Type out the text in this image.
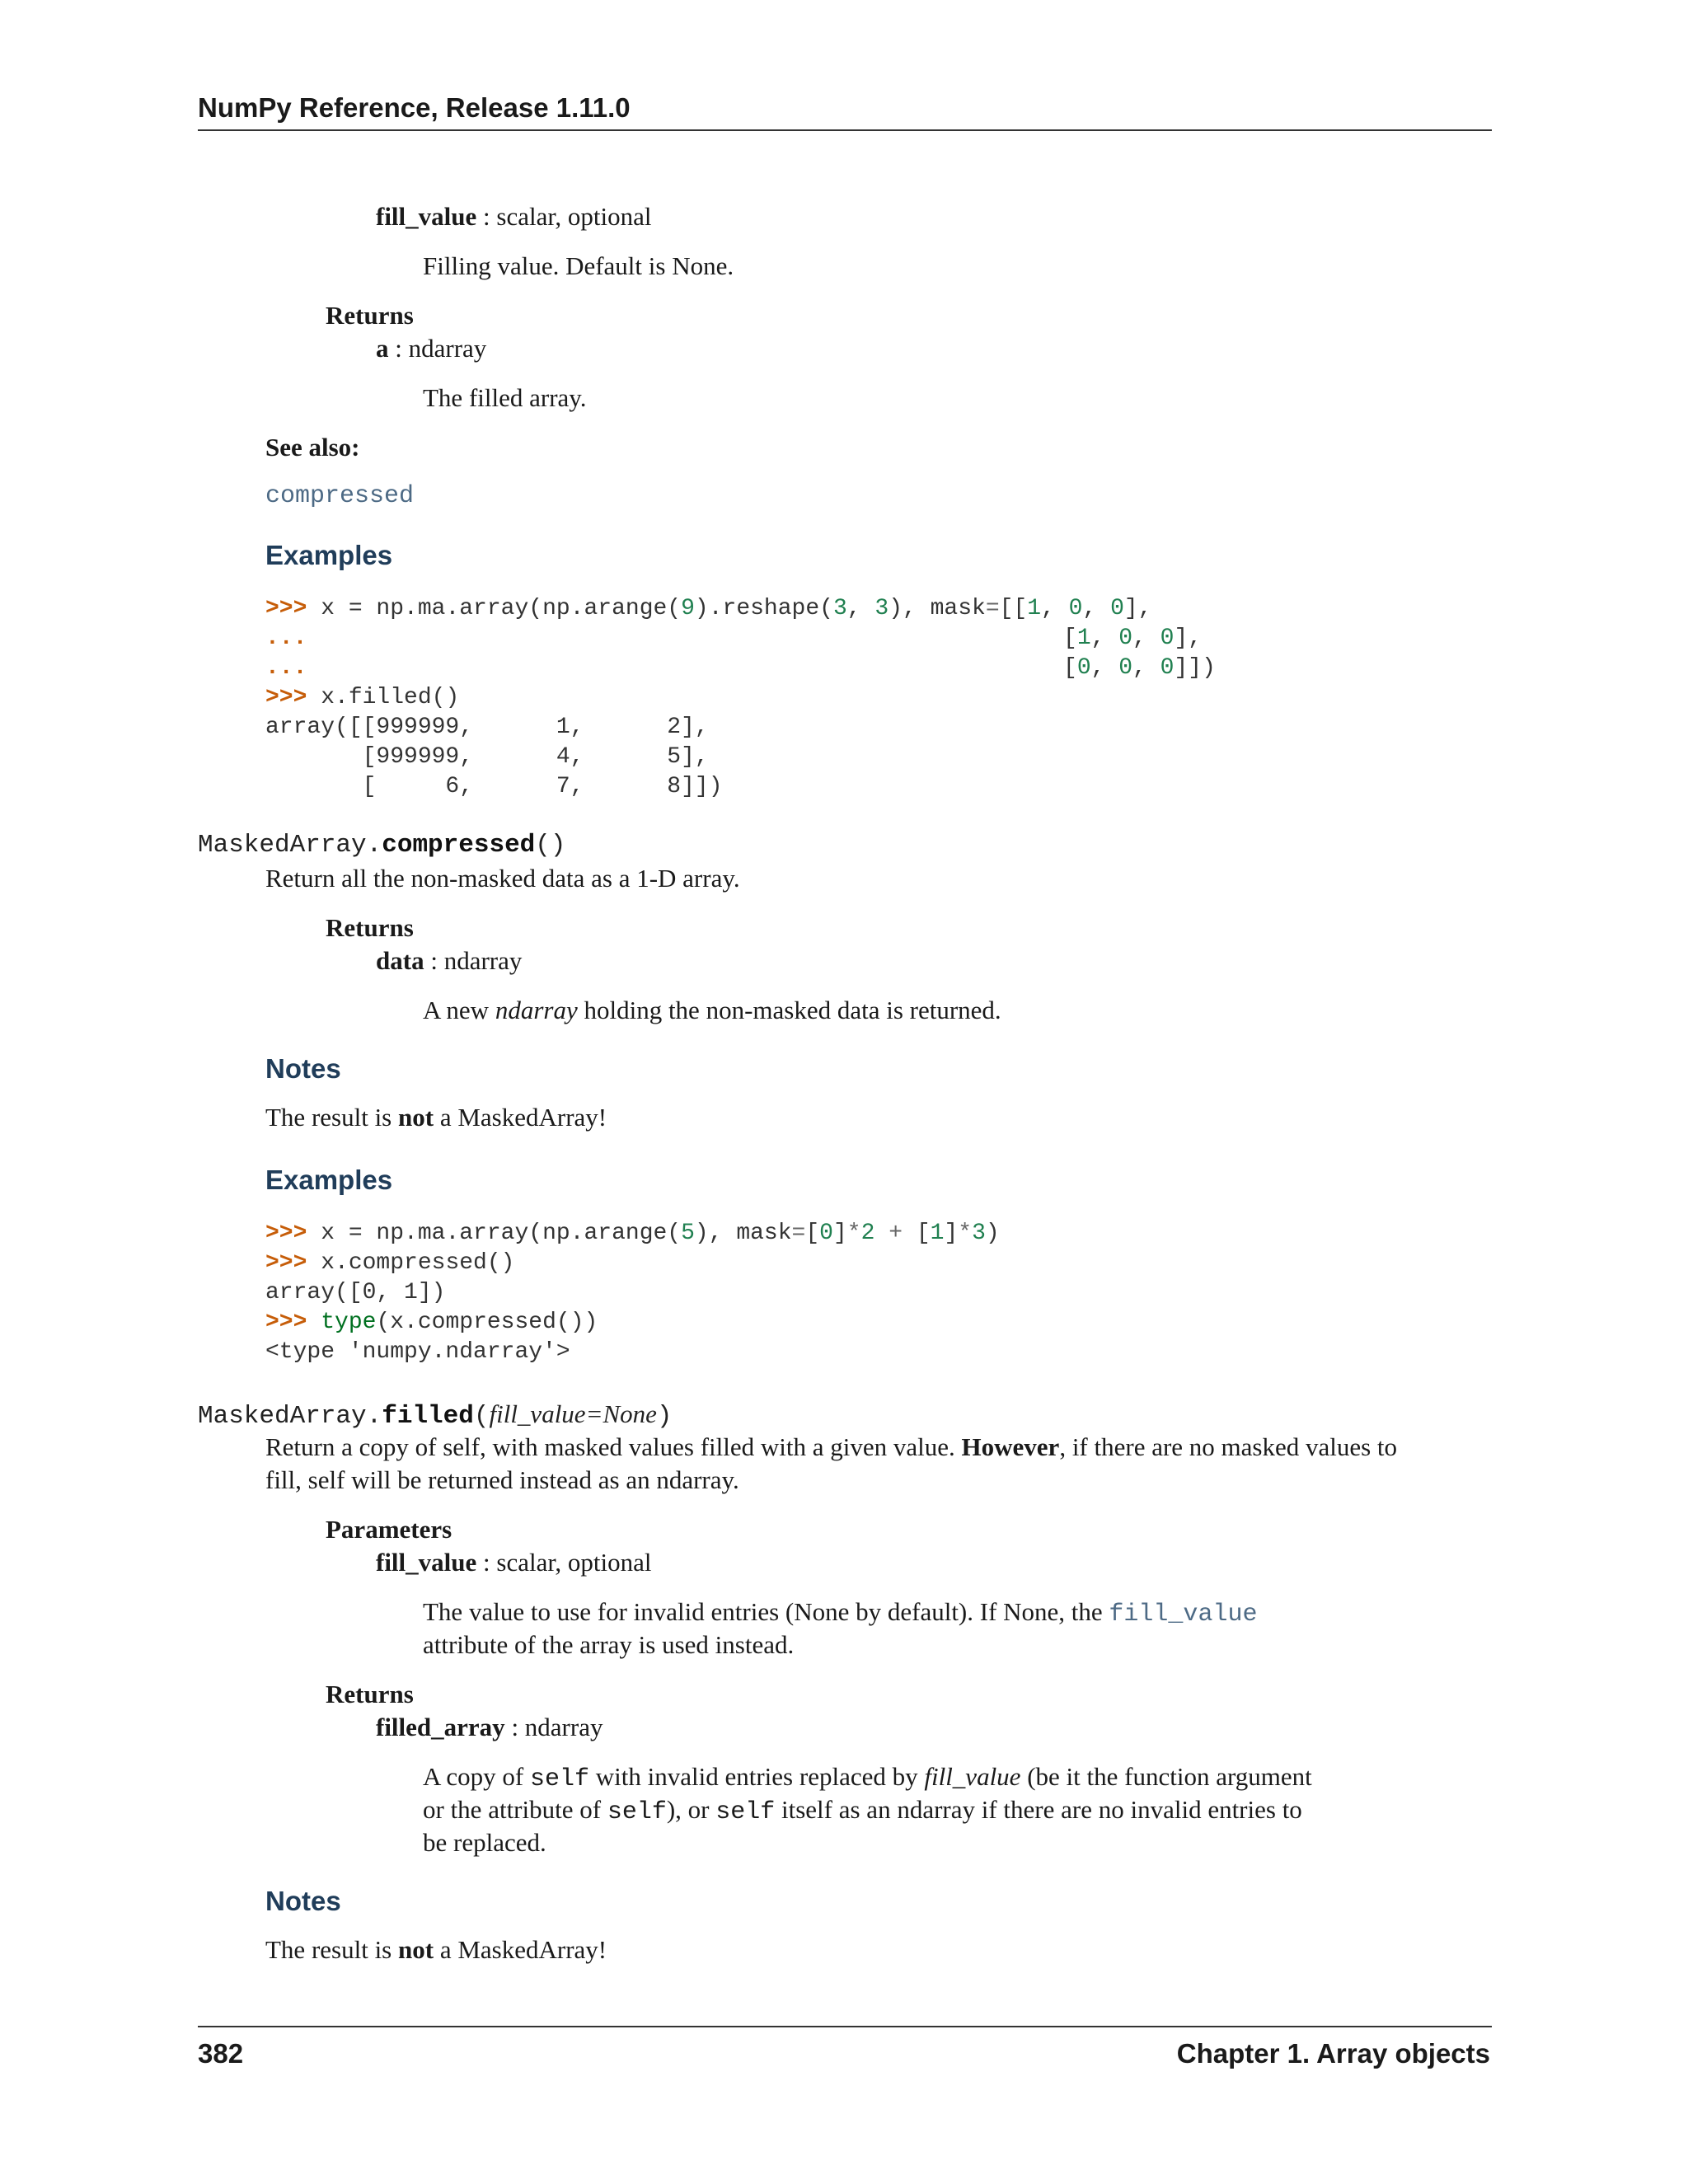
NumPy Reference, Release 1.11.0
fill_value : scalar, optional
Filling value. Default is None.
Returns
a : ndarray
The filled array.
See also:
compressed
Examples
>>> x = np.ma.array(np.arange(9).reshape(3, 3), mask=[[1, 0, 0],
...	[1, 0, 0],
...	[0, 0, 0]])
>>> x.filled()
array([[999999,      1,      2],
[999999,      4,      5],
[     6,      7,      8]])
MaskedArray.compressed()
Return all the non-masked data as a 1-D array.
Returns
data : ndarray
A new ndarray holding the non-masked data is returned.
Notes
The result is not a MaskedArray!
Examples
>>> x = np.ma.array(np.arange(5), mask=[0]*2 + [1]*3)
>>> x.compressed()
array([0, 1])
>>> type(x.compressed())
<type 'numpy.ndarray'>
MaskedArray.filled(fill_value=None)
Return a copy of self, with masked values filled with a given value. However, if there are no masked values to
fill, self will be returned instead as an ndarray.
Parameters
fill_value : scalar, optional
The value to use for invalid entries (None by default). If None, the fill_value
attribute of the array is used instead.
Returns
filled_array : ndarray
A copy of self with invalid entries replaced by fill_value (be it the function argument
or the attribute of self), or self itself as an ndarray if there are no invalid entries to
be replaced.
Notes
The result is not a MaskedArray!
382	Chapter 1. Array objects
